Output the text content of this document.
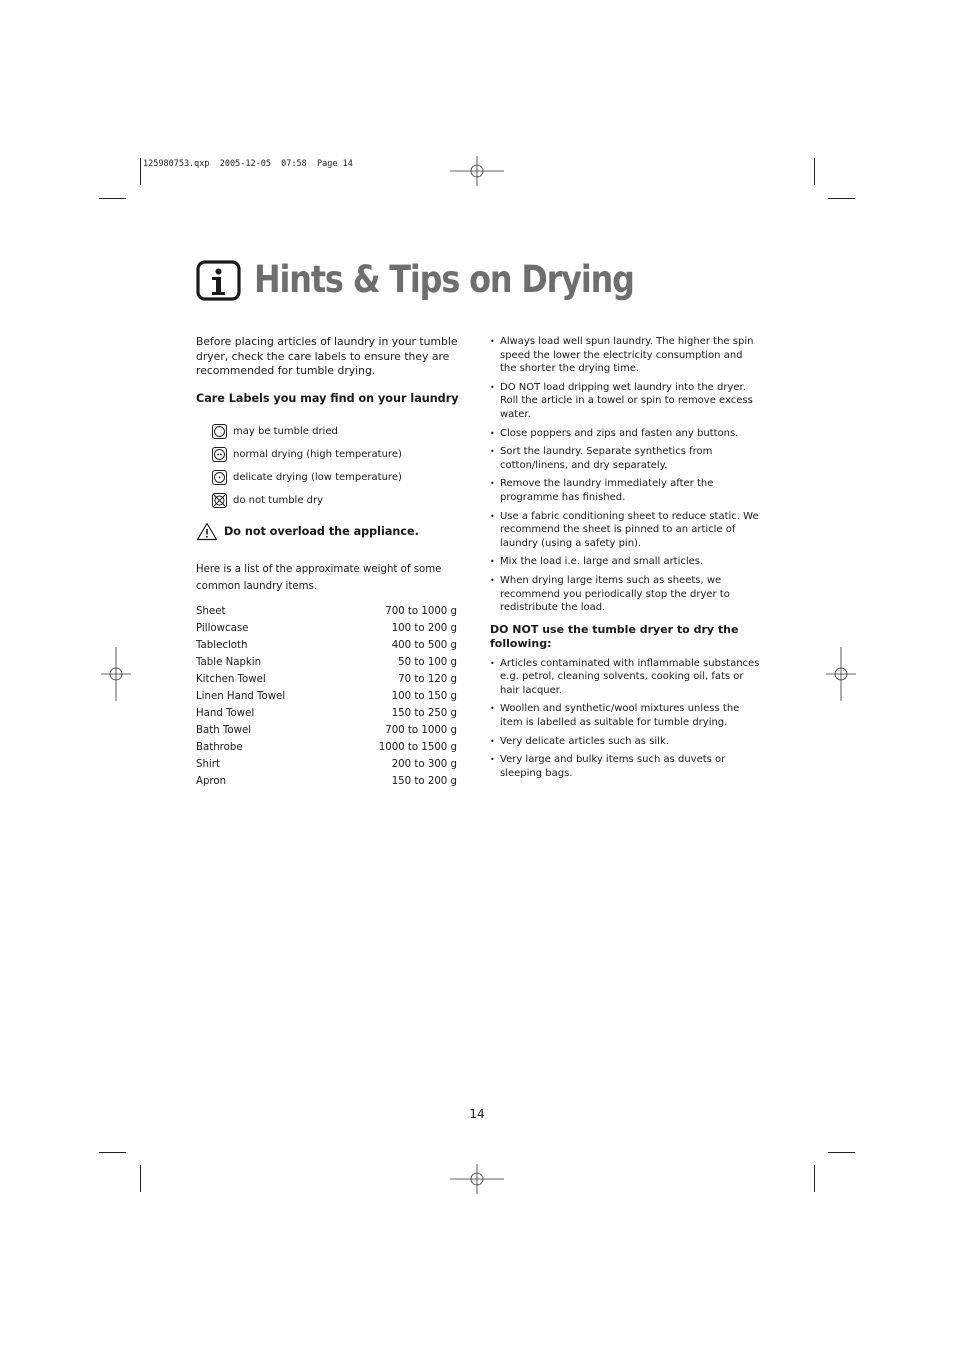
125980753.qxp  2005-12-05  07:58  Page 14
Hints & Tips on Drying

Before placing articles of laundry in your tumble dryer, check the care labels to ensure they are recommended for tumble drying.

Care Labels you may find on your laundry

may be tumble dried
normal drying (high temperature)
delicate drying (low temperature)
do not tumble dry
Do not overload the appliance.

Here is a list of the approximate weight of some common laundry items.

Sheet	700 to 1000 g
Pillowcase	100 to 200 g
Tablecloth	400 to 500 g
Table Napkin	50 to 100 g
Kitchen Towel	70 to 120 g
Linen Hand Towel	100 to 150 g
Hand Towel	150 to 250 g
Bath Towel	700 to 1000 g
Bathrobe	1000 to 1500 g
Shirt	200 to 300 g
Apron	150 to 200 g
• Always load well spun laundry. The higher the spin speed the lower the electricity consumption and the shorter the drying time.
• DO NOT load dripping wet laundry into the dryer. Roll the article in a towel or spin to remove excess water.
• Close poppers and zips and fasten any buttons.
• Sort the laundry. Separate synthetics from cotton/linens, and dry separately.
• Remove the laundry immediately after the programme has finished.
• Use a fabric conditioning sheet to reduce static. We recommend the sheet is pinned to an article of laundry (using a safety pin).
• Mix the load i.e. large and small articles.
• When drying large items such as sheets, we recommend you periodically stop the dryer to redistribute the load.
DO NOT use the tumble dryer to dry the following:
• Articles contaminated with inflammable substances e.g. petrol, cleaning solvents, cooking oil, fats or hair lacquer.
• Woollen and synthetic/wool mixtures unless the item is labelled as suitable for tumble drying.
• Very delicate articles such as silk.
• Very large and bulky items such as duvets or sleeping bags.
14
